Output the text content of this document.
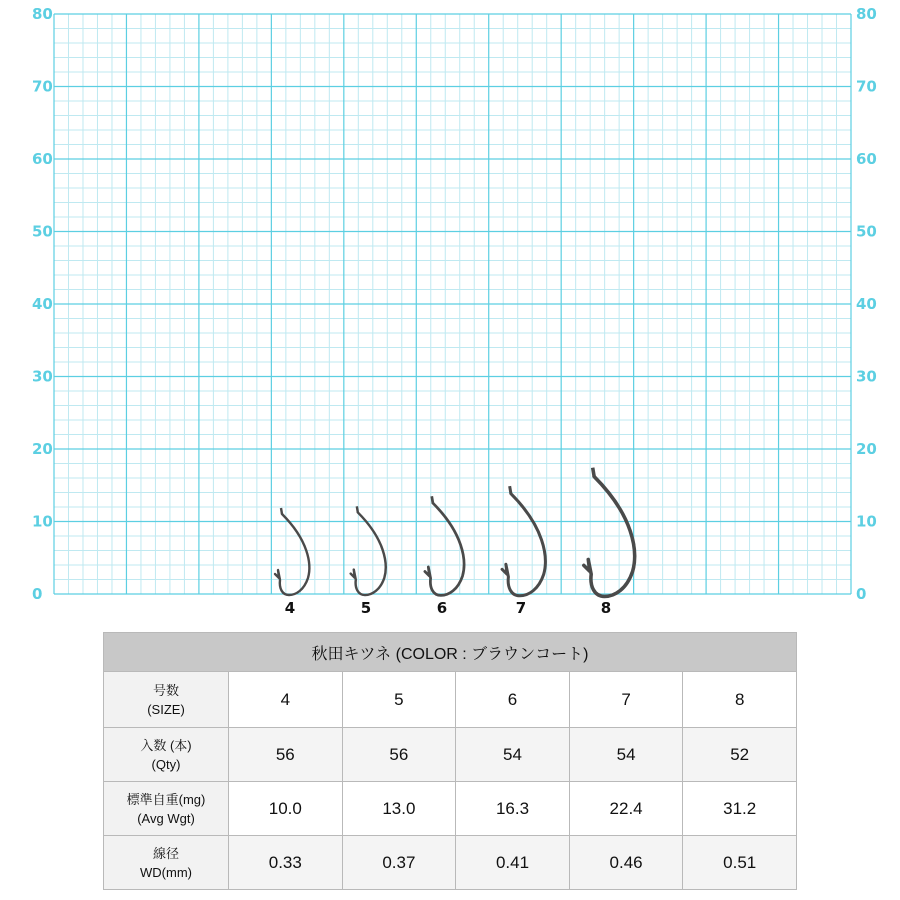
80
70
60
50
40
30
20
10
0
80
70
60
50
40
30
20
10
0
4	5	6	7	8
秋田キツネ (COLOR : ブラウンコート)					

号数
(SIZE)	4	5	6	7	8

入数 (本)
(Qty)	56	56	54	54	52

標準自重(mg)
(Avg Wgt)	10.0	13.0	16.3	22.4	31.2

線径
WD(mm)	0.33	0.37	0.41	0.46	0.51
